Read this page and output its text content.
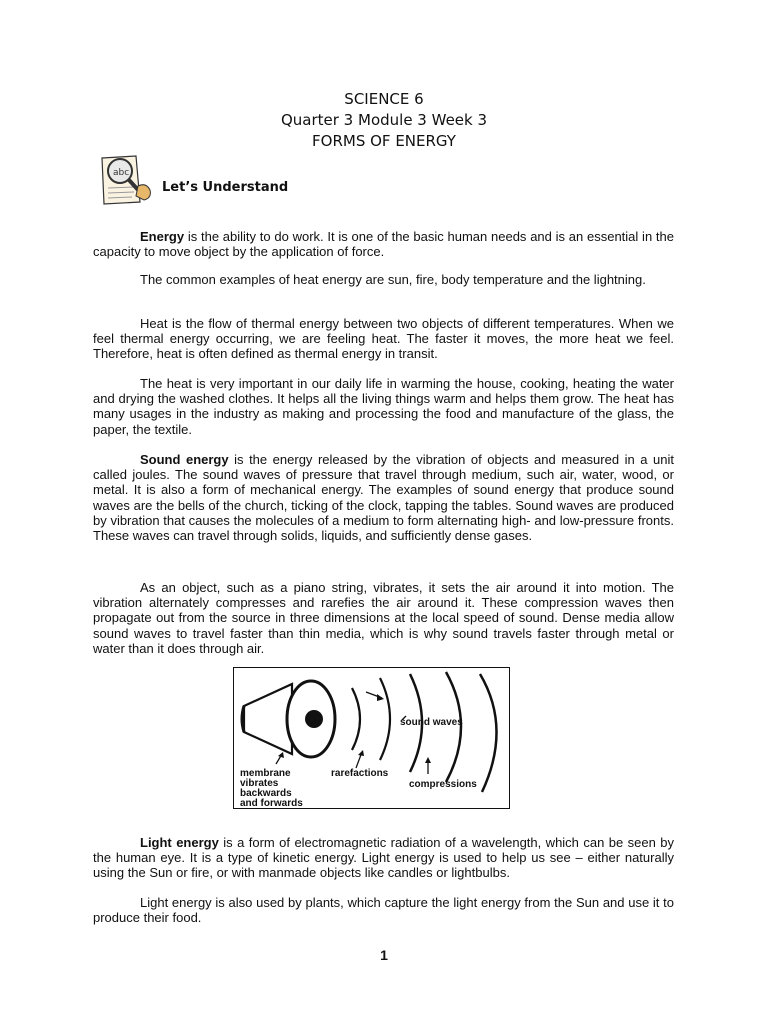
SCIENCE 6
Quarter 3 Module 3 Week 3
FORMS OF ENERGY
abc
Let’s Understand

Energy is the ability to do work. It is one of the basic human needs and is an essential in the capacity to move object by the application of force.

The common examples of heat energy are sun, fire, body temperature and the lightning.

Heat is the flow of thermal energy between two objects of different temperatures. When we feel thermal energy occurring, we are feeling heat. The faster it moves, the more heat we feel. Therefore, heat is often defined as thermal energy in transit.

The heat is very important in our daily life in warming the house, cooking, heating the water and drying the washed clothes. It helps all the living things warm and helps them grow. The heat has many usages in the industry as making and processing the food and manufacture of the glass, the paper, the textile.

Sound energy is the energy released by the vibration of objects and measured in a unit called joules. The sound waves of pressure that travel through medium, such air, water, wood, or metal. It is also a form of mechanical energy. The examples of sound energy that produce sound waves are the bells of the church, ticking of the clock, tapping the tables. Sound waves are produced by vibration that causes the molecules of a medium to form alternating high- and low-pressure fronts. These waves can travel through solids, liquids, and sufficiently dense gases.

As an object, such as a piano string, vibrates, it sets the air around it into motion. The vibration alternately compresses and rarefies the air around it. These compression waves then propagate out from the source in three dimensions at the local speed of sound. Dense media allow sound waves to travel faster than thin media, which is why sound travels faster through metal or water than it does through air.

sound waves
membrane
vibrates
backwards
and forwards
rarefactions
compressions

Light energy is a form of electromagnetic radiation of a wavelength, which can be seen by the human eye. It is a type of kinetic energy. Light energy is used to help us see – either naturally using the Sun or fire, or with manmade objects like candles or lightbulbs.

Light energy is also used by plants, which capture the light energy from the Sun and use it to produce their food.

1
